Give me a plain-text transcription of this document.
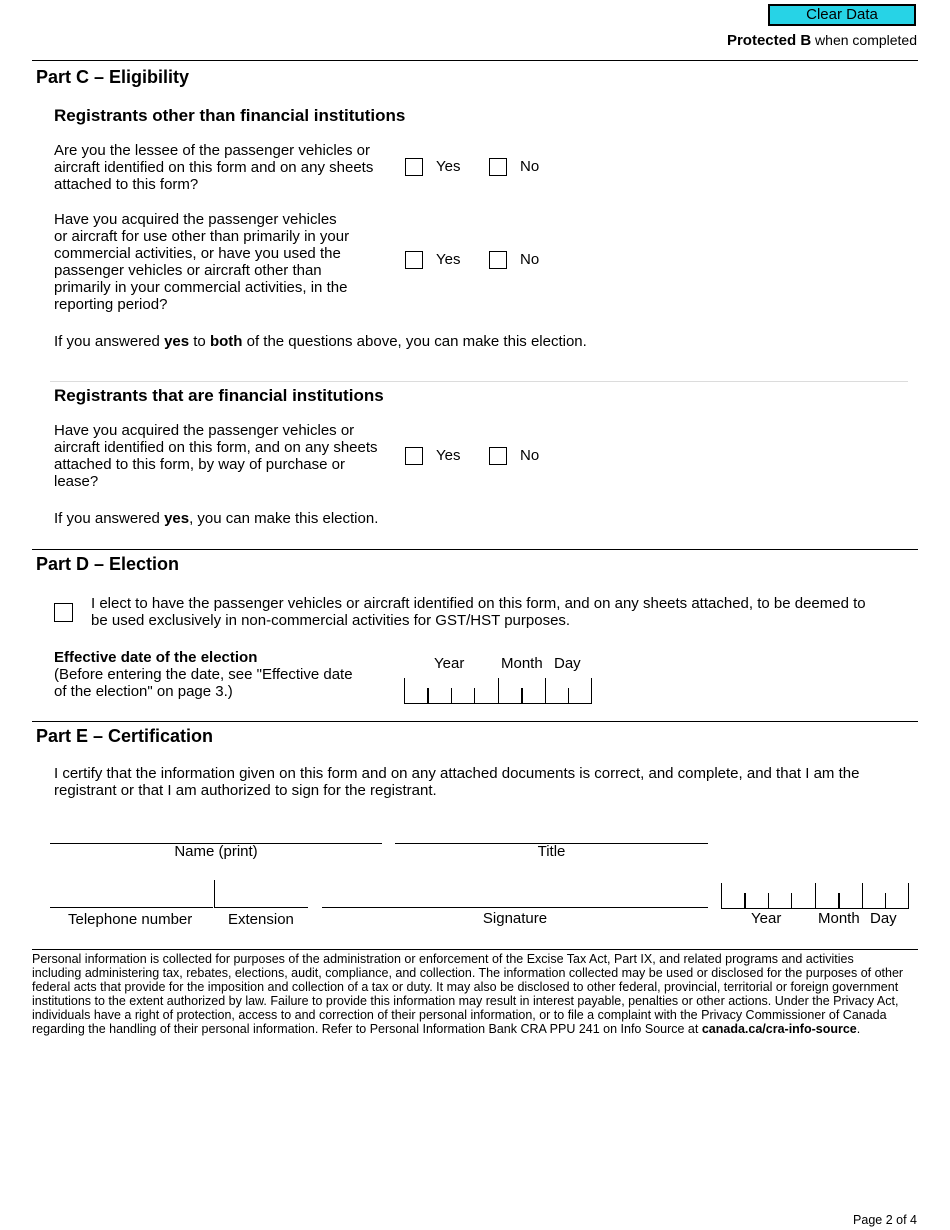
Clear Data
Protected B when completed
Part C – Eligibility
Registrants other than financial institutions
Are you the lessee of the passenger vehicles or
aircraft identified on this form and on any sheets
attached to this form?
Yes	No
Have you acquired the passenger vehicles
or aircraft for use other than primarily in your
commercial activities, or have you used the
passenger vehicles or aircraft other than
primarily in your commercial activities, in the
reporting period?
Yes	No
If you answered yes to both of the questions above, you can make this election.
Registrants that are financial institutions
Have you acquired the passenger vehicles or
aircraft identified on this form, and on any sheets
attached to this form, by way of purchase or
lease?
Yes	No
If you answered yes, you can make this election.
Part D – Election
I elect to have the passenger vehicles or aircraft identified on this form, and on any sheets attached, to be deemed to
be used exclusively in non-commercial activities for GST/HST purposes.
Effective date of the election
(Before entering the date, see "Effective date
of the election" on page 3.)
Year Month Day
Part E – Certification
I certify that the information given on this form and on any attached documents is correct, and complete, and that I am the
registrant or that I am authorized to sign for the registrant.
Name (print)	Title
Telephone number Extension	Signature	Year Month Day
Personal information is collected for purposes of the administration or enforcement of the Excise Tax Act, Part IX, and related programs and activities
including administering tax, rebates, elections, audit, compliance, and collection. The information collected may be used or disclosed for the purposes of other
federal acts that provide for the imposition and collection of a tax or duty. It may also be disclosed to other federal, provincial, territorial or foreign government
institutions to the extent authorized by law. Failure to provide this information may result in interest payable, penalties or other actions. Under the Privacy Act,
individuals have a right of protection, access to and correction of their personal information, or to file a complaint with the Privacy Commissioner of Canada
regarding the handling of their personal information. Refer to Personal Information Bank CRA PPU 241 on Info Source at canada.ca/cra-info-source.
Page 2 of 4
